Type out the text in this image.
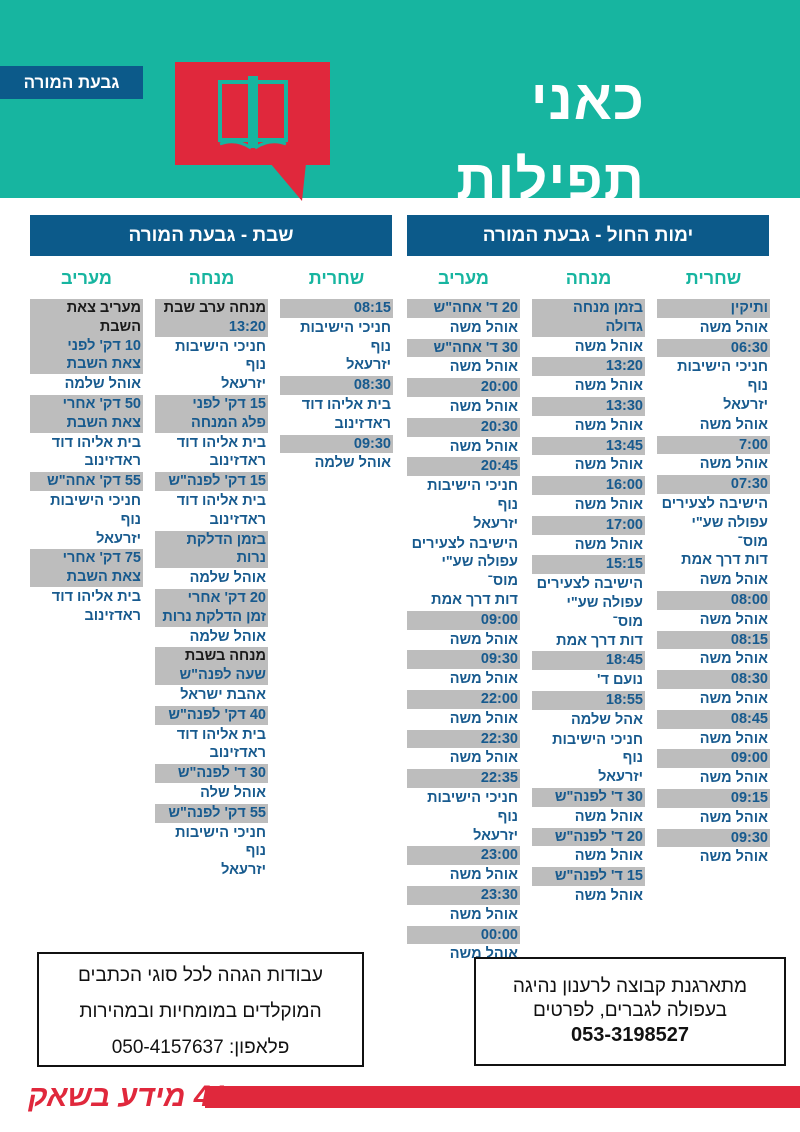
גבעת המורה	כאני תפילות
ימות החול - גבעת המורה
שבת - גבעת המורה
שחרית
ותיקין
אוהל משה
06:30
חניכי הישיבות נוף
יזרעאל
אוהל משה
7:00
אוהל משה
07:30
הישיבה לצעירים
עפולה שע"י מוס־
דות דרך אמת
אוהל משה
08:00
אוהל משה
08:15
אוהל משה
08:30
אוהל משה
08:45
אוהל משה
09:00
אוהל משה
09:15
אוהל משה
09:30
אוהל משה
מנחה
בזמן מנחה גדולה
אוהל משה
13:20
אוהל משה
13:30
אוהל משה
13:45
אוהל משה
16:00
אוהל משה
17:00
אוהל משה
15:15
הישיבה לצעירים
עפולה שע"י מוס־
דות דרך אמת
18:45
נועם ד'
18:55
אהל שלמה
חניכי הישיבות נוף
יזרעאל
30 ד' לפנה"ש
אוהל משה
20 ד' לפנה"ש
אוהל משה
15 ד' לפנה"ש
אוהל משה
מעריב
20 ד' אחה"ש
אוהל משה
30 ד' אחה"ש
אוהל משה
20:00
אוהל משה
20:30
אוהל משה
20:45
חניכי הישיבות נוף
יזרעאל
הישיבה לצעירים
עפולה שע"י מוס־
דות דרך אמת
09:00
אוהל משה
09:30
אוהל משה
22:00
אוהל משה
22:30
אוהל משה
22:35
חניכי הישיבות נוף
יזרעאל
23:00
אוהל משה
23:30
אוהל משה
00:00
אוהל משה
שחרית
08:15
חניכי הישיבות נוף
יזרעאל
08:30
בית אליהו דוד
ראדזינוב
09:30
אוהל שלמה
מנחה
מנחה ערב שבת
13:20
חניכי הישיבות נוף
יזרעאל
15 דק' לפני
פלג המנחה
בית אליהו דוד
ראדזינוב
15 דק' לפנה"ש
בית אליהו דוד
ראדזינוב
בזמן הדלקת נרות
אוהל שלמה
20 דק' אחרי
זמן הדלקת נרות
אוהל שלמה
מנחה בשבת
שעה לפנה"ש
אהבת ישראל
40 דק' לפנה"ש
בית אליהו דוד
ראדזינוב
30 ד' לפנה"ש
אוהל שלה
55 דק' לפנה"ש
חניכי הישיבות נוף
יזרעאל
מעריב
מעריב צאת
השבת
10 דק' לפני
צאת השבת
אוהל שלמה
50 דק' אחרי
צאת השבת
בית אליהו דוד
ראדזינוב
55 דק' אחה"ש
חניכי הישיבות נוף
יזרעאל
75 דק' אחרי
צאת השבת
בית אליהו דוד
ראדזינוב
עבודות הגהה לכל סוגי הכתבים
המוקלדים במומחיות ובמהירות
פלאפון: 050-4157637
מתארגנת קבוצה לרענון נהיגה
בעפולה לגברים, לפרטים
053-3198527
41 מידע בשאק
